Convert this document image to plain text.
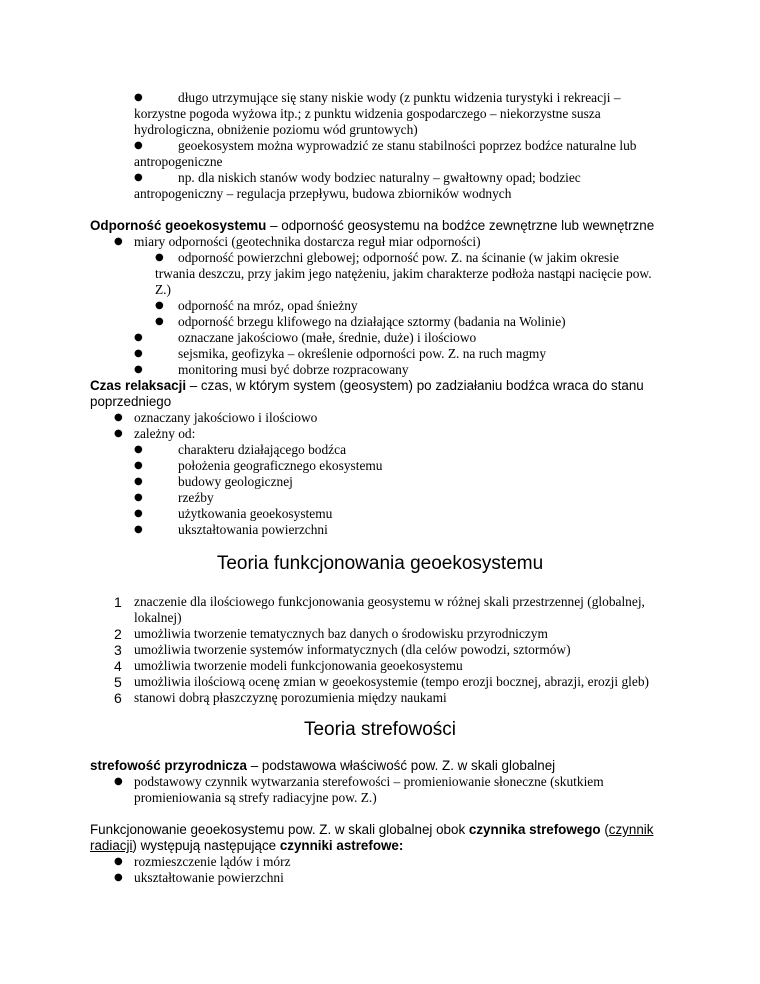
●	długo utrzymujące się stany niskie wody (z punktu widzenia turystyki i rekreacji –
korzystne pogoda wyżowa itp.; z punktu widzenia gospodarczego – niekorzystne susza
hydrologiczna, obniżenie poziomu wód gruntowych)
●	geoekosystem można wyprowadzić ze stanu stabilności poprzez bodźce naturalne lub
antropogeniczne
●	np. dla niskich stanów wody bodziec naturalny – gwałtowny opad; bodziec
antropogeniczny – regulacja przepływu, budowa zbiorników wodnych
Odporność geoekosystemu – odporność geosystemu na bodźce zewnętrzne lub wewnętrzne
● miary odporności (geotechnika dostarcza reguł miar odporności)
● odporność powierzchni glebowej; odporność pow. Z. na ścinanie (w jakim okresie
trwania deszczu, przy jakim jego natężeniu, jakim charakterze podłoża nastąpi nacięcie pow.
Z.)
● odporność na mróz, opad śnieżny
● odporność brzegu klifowego na działające sztormy (badania na Wolinie)
●	oznaczane jakościowo (małe, średnie, duże) i ilościowo
●	sejsmika, geofizyka – określenie odporności pow. Z. na ruch magmy
●	monitoring musi być dobrze rozpracowany
Czas relaksacji – czas, w którym system (geosystem) po zadziałaniu bodźca wraca do stanu
poprzedniego
● oznaczany jakościowo i ilościowo
● zależny od:
●	charakteru działającego bodźca
●	położenia geograficznego ekosystemu
●	budowy geologicznej
●	rzeźby
●	użytkowania geoekosystemu
●	ukształtowania powierzchni
Teoria funkcjonowania geoekosystemu
1 znaczenie dla ilościowego funkcjonowania geosystemu w różnej skali przestrzennej (globalnej,
lokalnej)
2 umożliwia tworzenie tematycznych baz danych o środowisku przyrodniczym
3 umożliwia tworzenie systemów informatycznych (dla celów powodzi, sztormów)
4 umożliwia tworzenie modeli funkcjonowania geoekosystemu
5 umożliwia ilościową ocenę zmian w geoekosystemie (tempo erozji bocznej, abrazji, erozji gleb)
6 stanowi dobrą płaszczyznę porozumienia między naukami
Teoria strefowości
strefowość przyrodnicza – podstawowa właściwość pow. Z. w skali globalnej
● podstawowy czynnik wytwarzania sterefowości – promieniowanie słoneczne (skutkiem
promieniowania są strefy radiacyjne pow. Z.)
Funkcjonowanie geoekosystemu pow. Z. w skali globalnej obok czynnika strefowego (czynnik
radiacji) występują następujące czynniki astrefowe:
● rozmieszczenie lądów i mórz
● ukształtowanie powierzchni
